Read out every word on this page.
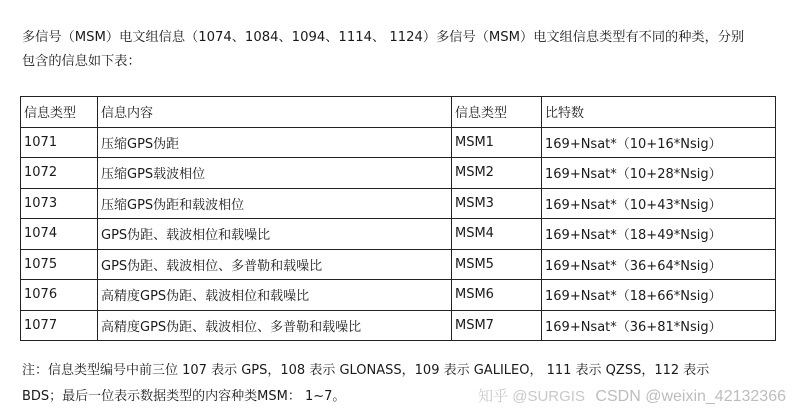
多信号（MSM）电文组信息（1074、1084、1094、1114、 1124）多信号（MSM）电文组信息类型有不同的种类，分别

包含的信息如下表：

信息类型	信息内容	信息类型	比特数
1071	压缩GPS伪距	MSM1	169+Nsat*（10+16*Nsig）
1072	压缩GPS载波相位	MSM2	169+Nsat*（10+28*Nsig）
1073	压缩GPS伪距和载波相位	MSM3	169+Nsat*（10+43*Nsig）
1074	GPS伪距、载波相位和载噪比	MSM4	169+Nsat*（18+49*Nsig）
1075	GPS伪距、载波相位、多普勒和载噪比	MSM5	169+Nsat*（36+64*Nsig）
1076	高精度GPS伪距、载波相位和载噪比	MSM6	169+Nsat*（18+66*Nsig）
1077	高精度GPS伪距、载波相位、多普勒和载噪比	MSM7	169+Nsat*（36+81*Nsig）

注：信息类型编号中前三位 107 表示 GPS，108 表示 GLONASS，109 表示 GALILEO， 111 表示 QZSS，112 表示

BDS；最后一位表示数据类型的内容种类MSM： 1~7。	知乎 @SURGIS CSDN @weixin_42132366
